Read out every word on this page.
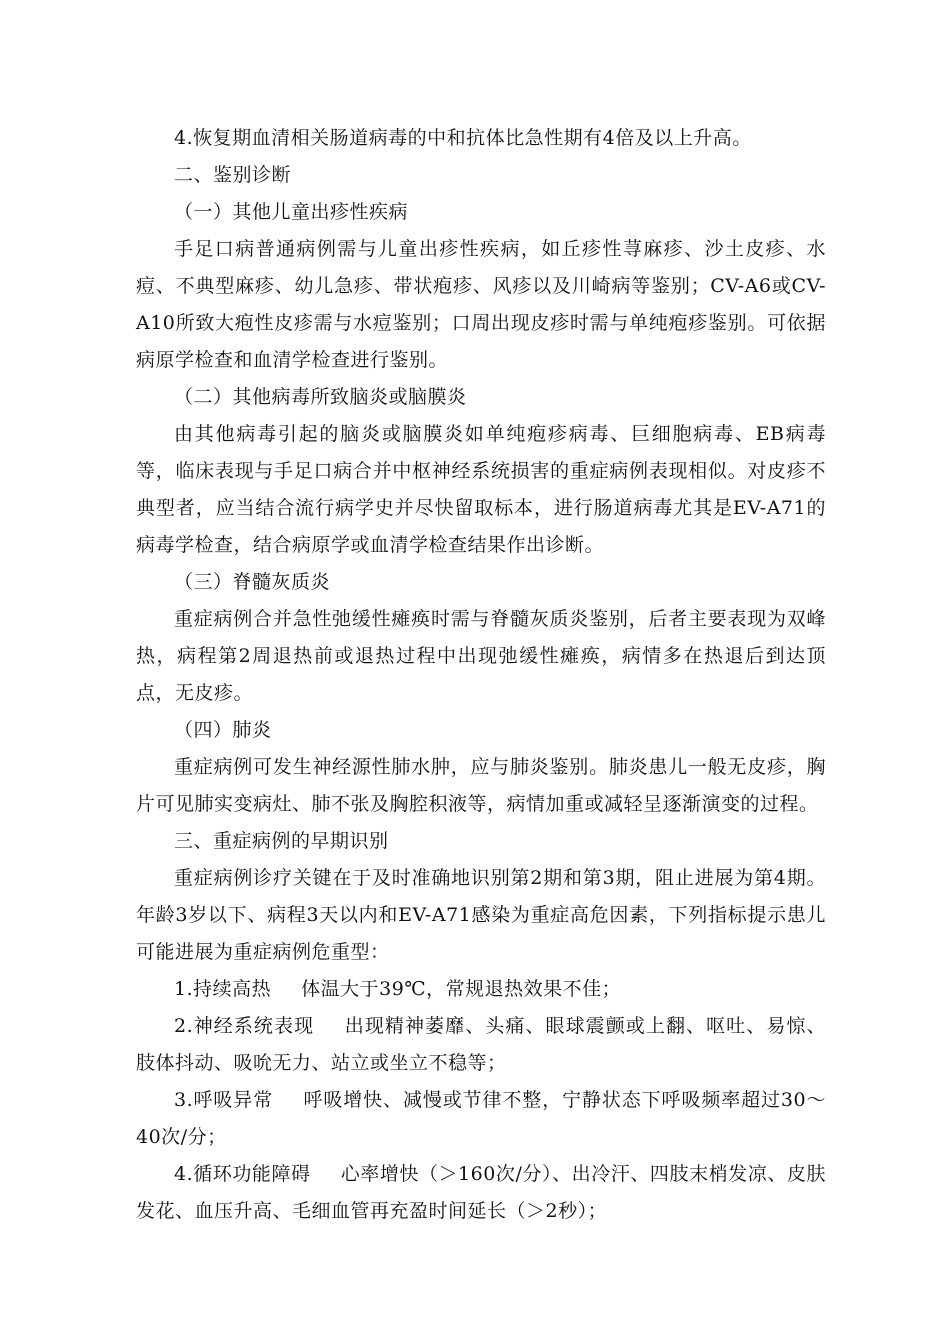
4.恢复期血清相关肠道病毒的中和抗体比急性期有4倍及以上升高。

二、鉴别诊断

（一）其他儿童出疹性疾病

手足口病普通病例需与儿童出疹性疾病，如丘疹性荨麻疹、沙土皮疹、水痘、不典型麻疹、幼儿急疹、带状疱疹、风疹以及川崎病等鉴别；CV-A6或CV-A10所致大疱性皮疹需与水痘鉴别；口周出现皮疹时需与单纯疱疹鉴别。可依据病原学检查和血清学检查进行鉴别。

（二）其他病毒所致脑炎或脑膜炎

由其他病毒引起的脑炎或脑膜炎如单纯疱疹病毒、巨细胞病毒、EB病毒等，临床表现与手足口病合并中枢神经系统损害的重症病例表现相似。对皮疹不典型者，应当结合流行病学史并尽快留取标本，进行肠道病毒尤其是EV-A71的病毒学检查，结合病原学或血清学检查结果作出诊断。

（三）脊髓灰质炎

重症病例合并急性弛缓性瘫痪时需与脊髓灰质炎鉴别，后者主要表现为双峰热，病程第2周退热前或退热过程中出现弛缓性瘫痪，病情多在热退后到达顶点，无皮疹。

（四）肺炎

重症病例可发生神经源性肺水肿，应与肺炎鉴别。肺炎患儿一般无皮疹，胸片可见肺实变病灶、肺不张及胸腔积液等，病情加重或减轻呈逐渐演变的过程。

三、重症病例的早期识别

重症病例诊疗关键在于及时准确地识别第2期和第3期，阻止进展为第4期。年龄3岁以下、病程3天以内和EV-A71感染为重症高危因素，下列指标提示患儿可能进展为重症病例危重型：

1.持续高热 体温大于39℃，常规退热效果不佳；

2.神经系统表现 出现精神萎靡、头痛、眼球震颤或上翻、呕吐、易惊、肢体抖动、吸吮无力、站立或坐立不稳等；

3.呼吸异常 呼吸增快、减慢或节律不整，宁静状态下呼吸频率超过30～40次/分；

4.循环功能障碍 心率增快（＞160次/分）、出冷汗、四肢末梢发凉、皮肤发花、血压升高、毛细血管再充盈时间延长（＞2秒）；
